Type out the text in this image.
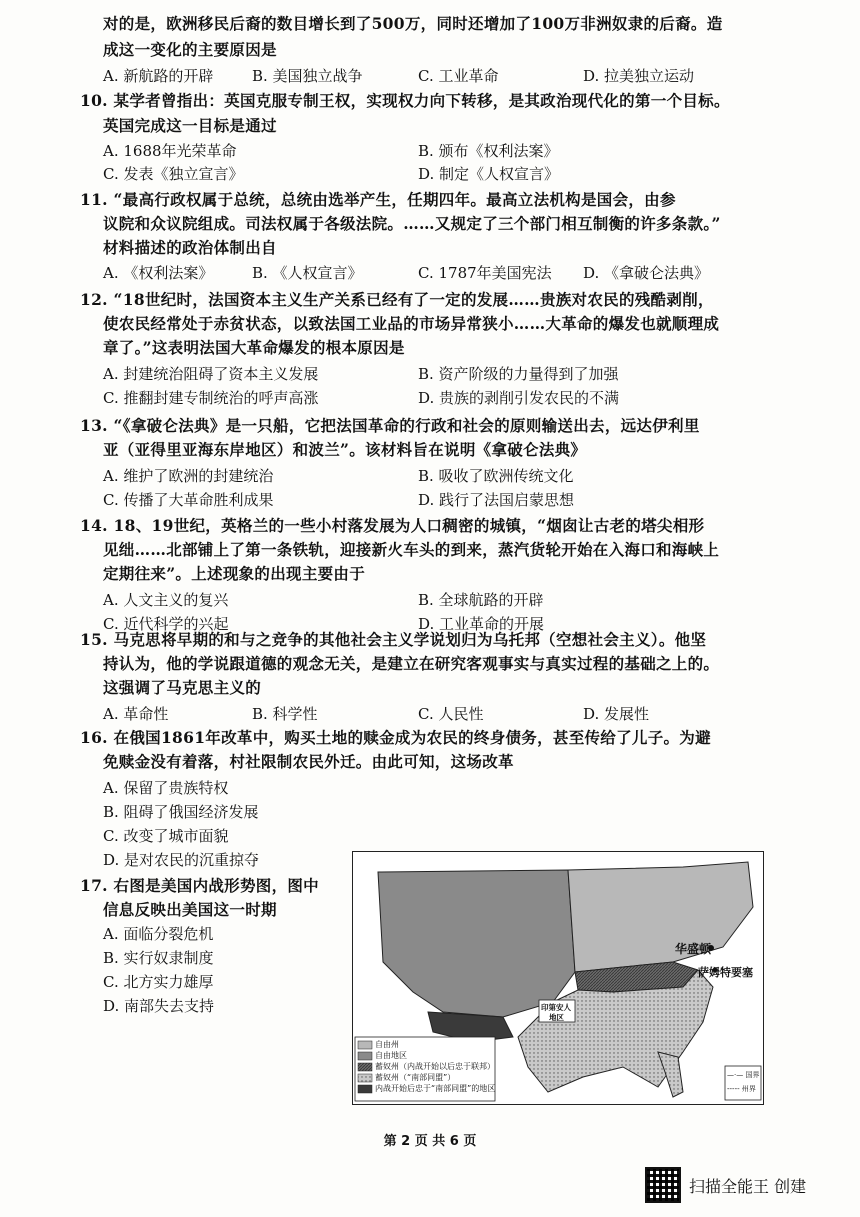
对的是，欧洲移民后裔的数目增长到了500万，同时还增加了100万非洲奴隶的后裔。造
成这一变化的主要原因是
10. 某学者曾指出：英国克服专制王权，实现权力向下转移，是其政治现代化的第一个目标。
英国完成这一目标是通过
11. “最高行政权属于总统，总统由选举产生，任期四年。最高立法机构是国会，由参
议院和众议院组成。司法权属于各级法院。……又规定了三个部门相互制衡的许多条款。”
材料描述的政治体制出自
12. “18世纪时，法国资本主义生产关系已经有了一定的发展……贵族对农民的残酷剥削，
使农民经常处于赤贫状态，以致法国工业品的市场异常狭小……大革命的爆发也就顺理成
章了。”这表明法国大革命爆发的根本原因是
13. “《拿破仑法典》是一只船，它把法国革命的行政和社会的原则输送出去，远达伊利里
亚（亚得里亚海东岸地区）和波兰”。该材料旨在说明《拿破仑法典》
14. 18、19世纪，英格兰的一些小村落发展为人口稠密的城镇，“烟囱让古老的塔尖相形
见绌……北部铺上了第一条铁轨，迎接新火车头的到来，蒸汽货轮开始在入海口和海峡上
定期往来”。上述现象的出现主要由于
15. 马克思将早期的和与之竞争的其他社会主义学说划归为乌托邦（空想社会主义）。他坚
持认为，他的学说跟道德的观念无关，是建立在研究客观事实与真实过程的基础之上的。
这强调了马克思主义的
16. 在俄国1861年改革中，购买土地的赎金成为农民的终身债务，甚至传给了儿子。为避
免赎金没有着落，村社限制农民外迁。由此可知，这场改革
17. 右图是美国内战形势图，图中
信息反映出美国这一时期
A. 新航路的开辟	B. 美国独立战争	C. 工业革命	D. 拉美独立运动
A. 1688年光荣革命	B. 颁布《权利法案》
C. 发表《独立宣言》	D. 制定《人权宣言》
A. 《权利法案》	B. 《人权宣言》	C. 1787年美国宪法 D. 《拿破仑法典》
A. 封建统治阻碍了资本主义发展	B. 资产阶级的力量得到了加强
C. 推翻封建专制统治的呼声高涨	D. 贵族的剥削引发农民的不满
A. 维护了欧洲的封建统治	B. 吸收了欧洲传统文化
C. 传播了大革命胜利成果	D. 践行了法国启蒙思想
A. 人文主义的复兴	B. 全球航路的开辟
C. 近代科学的兴起	D. 工业革命的开展
A. 革命性	B. 科学性	C. 人民性	D. 发展性
A. 保留了贵族特权
B. 阻碍了俄国经济发展
C. 改变了城市面貌
D. 是对农民的沉重掠夺
A. 面临分裂危机
B. 实行奴隶制度
C. 北方实力雄厚
D. 南部失去支持
华盛顿
萨姆特要塞
印第安人
地区
自由州
自由地区
蓄奴州（内战开始以后忠于联邦）
蓄奴州（“南部同盟”）
内战开始后忠于“南部同盟”的地区
—·— 国界
----- 州界
第 2 页 共 6 页
扫描全能王 创建
